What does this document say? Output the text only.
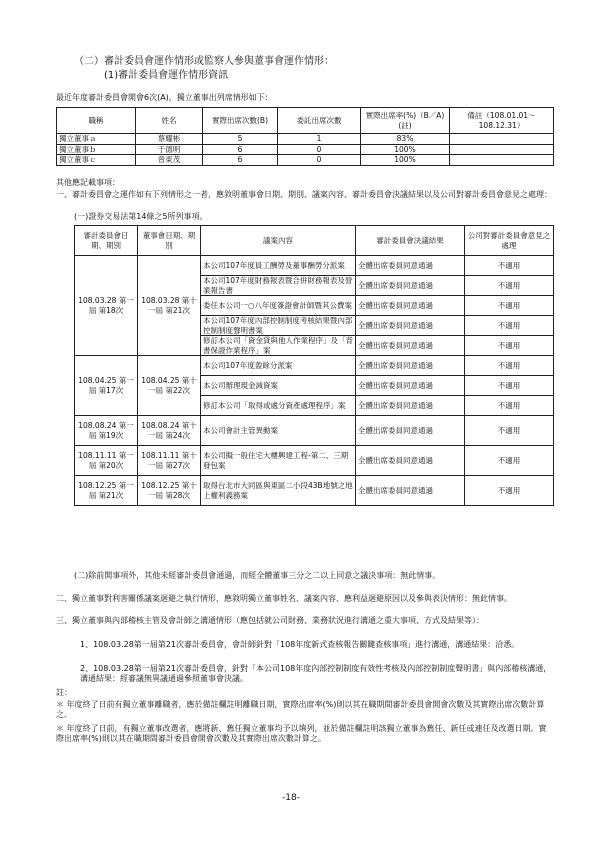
（二）審計委員會運作情形或監察人參與董事會運作情形：
(1)審計委員會運作情形資訊
最近年度審計委員會開會6次(A)，獨立董事出列席情形如下：
職稱	姓名	實際出席次數(B)	委託出席次數	實際出席率(%)（B／A)(註)	備註（108.01.01～108.12.31）
獨立董事ａ	蔡耀彬	5	1	83%	
獨立董事ｂ	于德明	6	0	100%	
獨立董事ｃ	曾東茂	6	0	100%	
其他應記載事項：
一、審計委員會之運作如有下列情形之一者，應敘明董事會日期、期別、議案內容、審計委員會決議結果以及公司對審計委員會意見之處理：
(一)證券交易法第14條之5所列事項。
審計委員會日期、期別	董事會日期、期別	議案內容	審計委員會決議結果	公司對審計委員會意見之處理
108.03.28 第一屆 第18次	108.03.28 第十一屆 第21次	本公司107年度員工酬勞及董事酬勞分派案	全體出席委員同意通過	不適用
		本公司107年度財務報表暨合併財務報表及營業報告書	全體出席委員同意通過	不適用
		委任本公司一○八年度簽證會計師暨其公費案	全體出席委員同意通過	不適用
		本公司107年度內部控制制度考核結果暨內部控制制度聲明書案	全體出席委員同意通過	不適用
		修訂本公司「資金貸與他人作業程序」及「背書保證作業程序」案	全體出席委員同意通過	不適用
108.04.25 第一屆 第17次	108.04.25 第十一屆 第22次	本公司107年度盈餘分派案	全體出席委員同意通過	不適用
		本公司辦理現金減資案	全體出席委員同意通過	不適用
		修訂本公司「取得或處分資產處理程序」案	全體出席委員同意通過	不適用
108.08.24 第一屆 第19次	108.08.24 第十一屆 第24次	本公司會計主管異動案	全體出席委員同意通過	不適用
108.11.11 第一屆 第20次	108.11.11 第十一屆 第27次	本公司擬一般住宅大樓興建工程-第二、三期發包案	全體出席委員同意通過	不適用
108.12.25 第一屆 第21次	108.12.25 第十一屆 第28次	取得台北市大同區與東區二小段43B地號之地上權利義務案	全體出席委員同意通過	不適用
(二)除前開事項外，其他未經審計委員會通過，而經全體董事三分之二以上同意之議決事項：無此情事。
二、獨立董事對利害關係議案迴避之執行情形，應敘明獨立董事姓名、議案內容、應利益迴避原因以及參與表決情形：無此情事。
三、獨立董事與內部稽核主管及會計師之溝通情形（應包括就公司財務、業務狀況進行溝通之重大事項、方式及結果等）：
1、108.03.28第一屆第21次審計委員會，會計師針對「108年度新式查核報告關鍵查核事項」進行溝通，溝通結果：洽悉。
2、108.03.28第一屆第21次審計委員會，針對「本公司108年度內部控制制度有效性考核及內部控制制度聲明書」與內部稽核溝通，溝通結果：經審議無異議通過參照董事會決議。
註：
＊ 年度終了日前有獨立董事離職者，應於備註欄註明離職日期，實際出席率(%)則以其在職期間審計委員會開會次數及其實際出席次數計算之。
＊ 年度終了日前，有獨立董事改選者，應將新、舊任獨立董事均予以填列，並於備註欄註明該獨立董事為舊任、新任或連任及改選日期。實際出席率(%)則以其在職期間審計委員會開會次數及其實際出席次數計算之。
-18-
